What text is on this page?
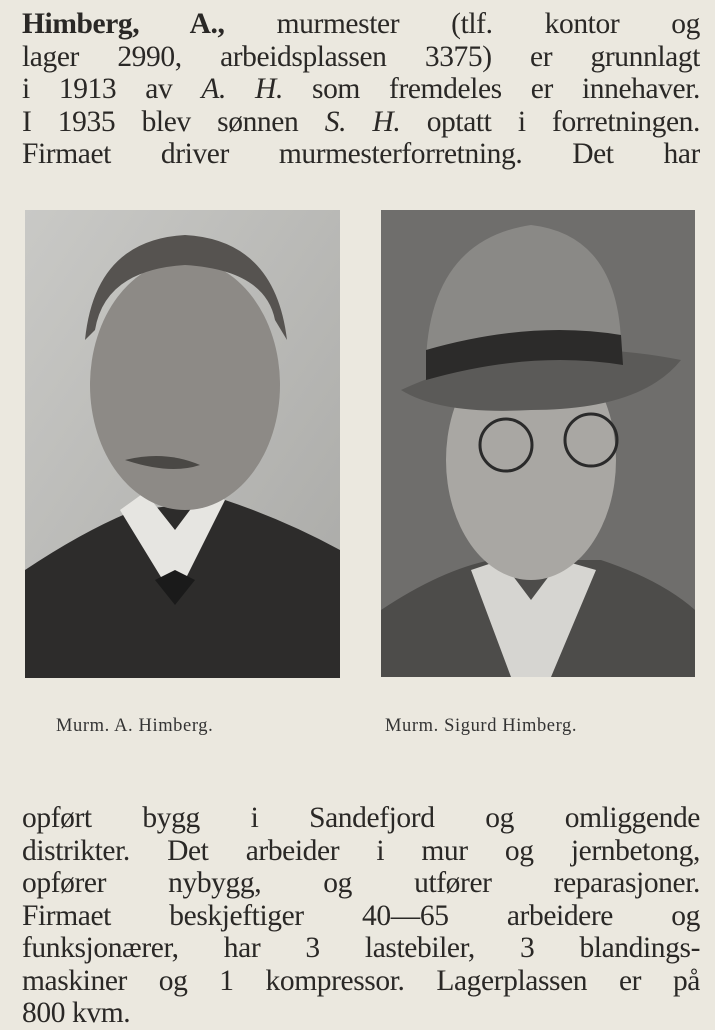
Himberg, A., murmester (tlf. kontor og
lager 2990, arbeidsplassen 3375) er grunnlagt
i 1913 av A. H. som fremdeles er innehaver.
I 1935 blev sønnen S. H. optatt i forretningen.
Firmaet driver murmesterforretning. Det har
Murm. A. Himberg.	Murm. Sigurd Himberg.
opført bygg i Sandefjord og omliggende
distrikter. Det arbeider i mur og jernbetong,
opfører nybygg, og utfører reparasjoner.
Firmaet beskjeftiger 40—65 arbeidere og
funksjonærer, har 3 lastebiler, 3 blandings-
maskiner og 1 kompressor. Lagerplassen er på
800 kvm.
